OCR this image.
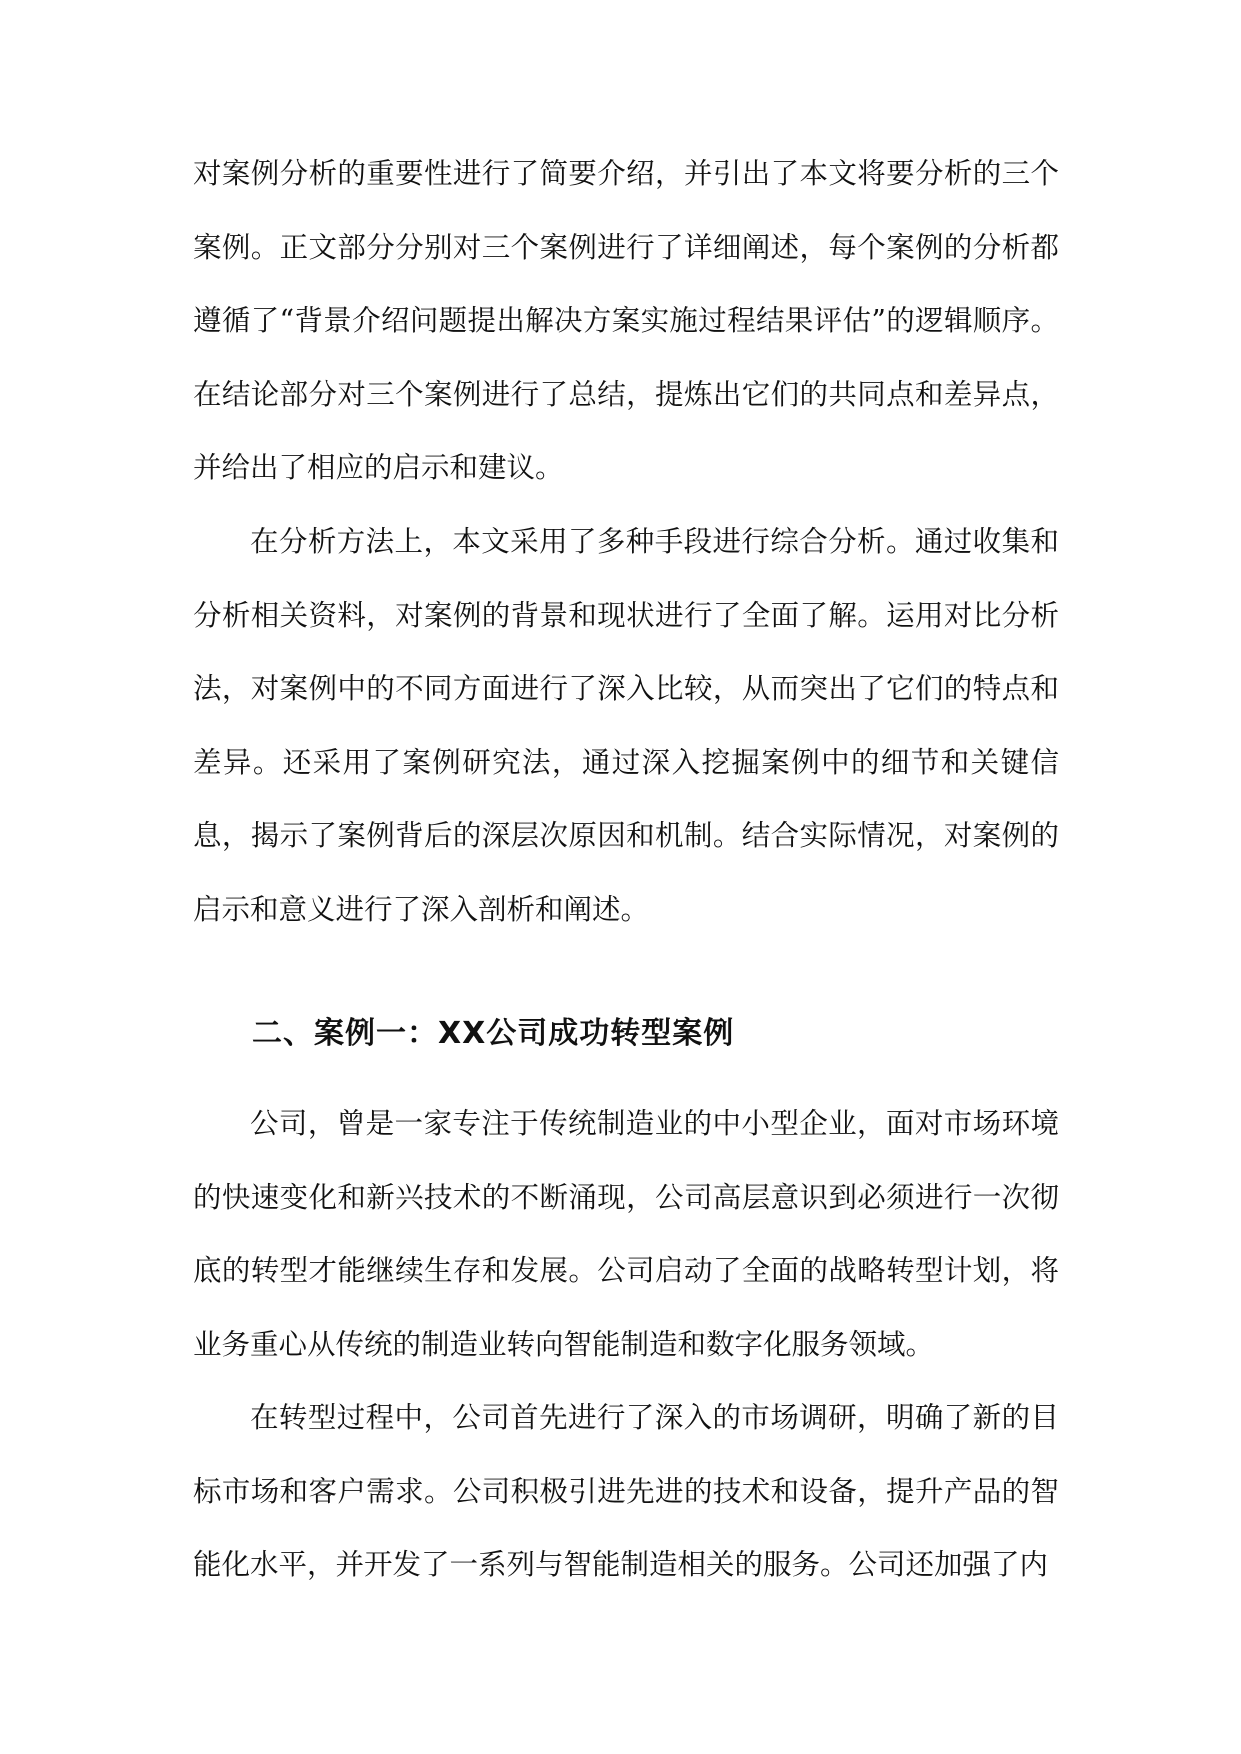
对案例分析的重要性进行了简要介绍，并引出了本文将要分析的三个案例。正文部分分别对三个案例进行了详细阐述，每个案例的分析都遵循了“背景介绍问题提出解决方案实施过程结果评估”的逻辑顺序。在结论部分对三个案例进行了总结，提炼出它们的共同点和差异点，并给出了相应的启示和建议。

在分析方法上，本文采用了多种手段进行综合分析。通过收集和分析相关资料，对案例的背景和现状进行了全面了解。运用对比分析法，对案例中的不同方面进行了深入比较，从而突出了它们的特点和差异。还采用了案例研究法，通过深入挖掘案例中的细节和关键信息，揭示了案例背后的深层次原因和机制。结合实际情况，对案例的启示和意义进行了深入剖析和阐述。

二、案例一：XX公司成功转型案例

公司，曾是一家专注于传统制造业的中小型企业，面对市场环境的快速变化和新兴技术的不断涌现，公司高层意识到必须进行一次彻底的转型才能继续生存和发展。公司启动了全面的战略转型计划，将业务重心从传统的制造业转向智能制造和数字化服务领域。

在转型过程中，公司首先进行了深入的市场调研，明确了新的目标市场和客户需求。公司积极引进先进的技术和设备，提升产品的智能化水平，并开发了一系列与智能制造相关的服务。公司还加强了内
